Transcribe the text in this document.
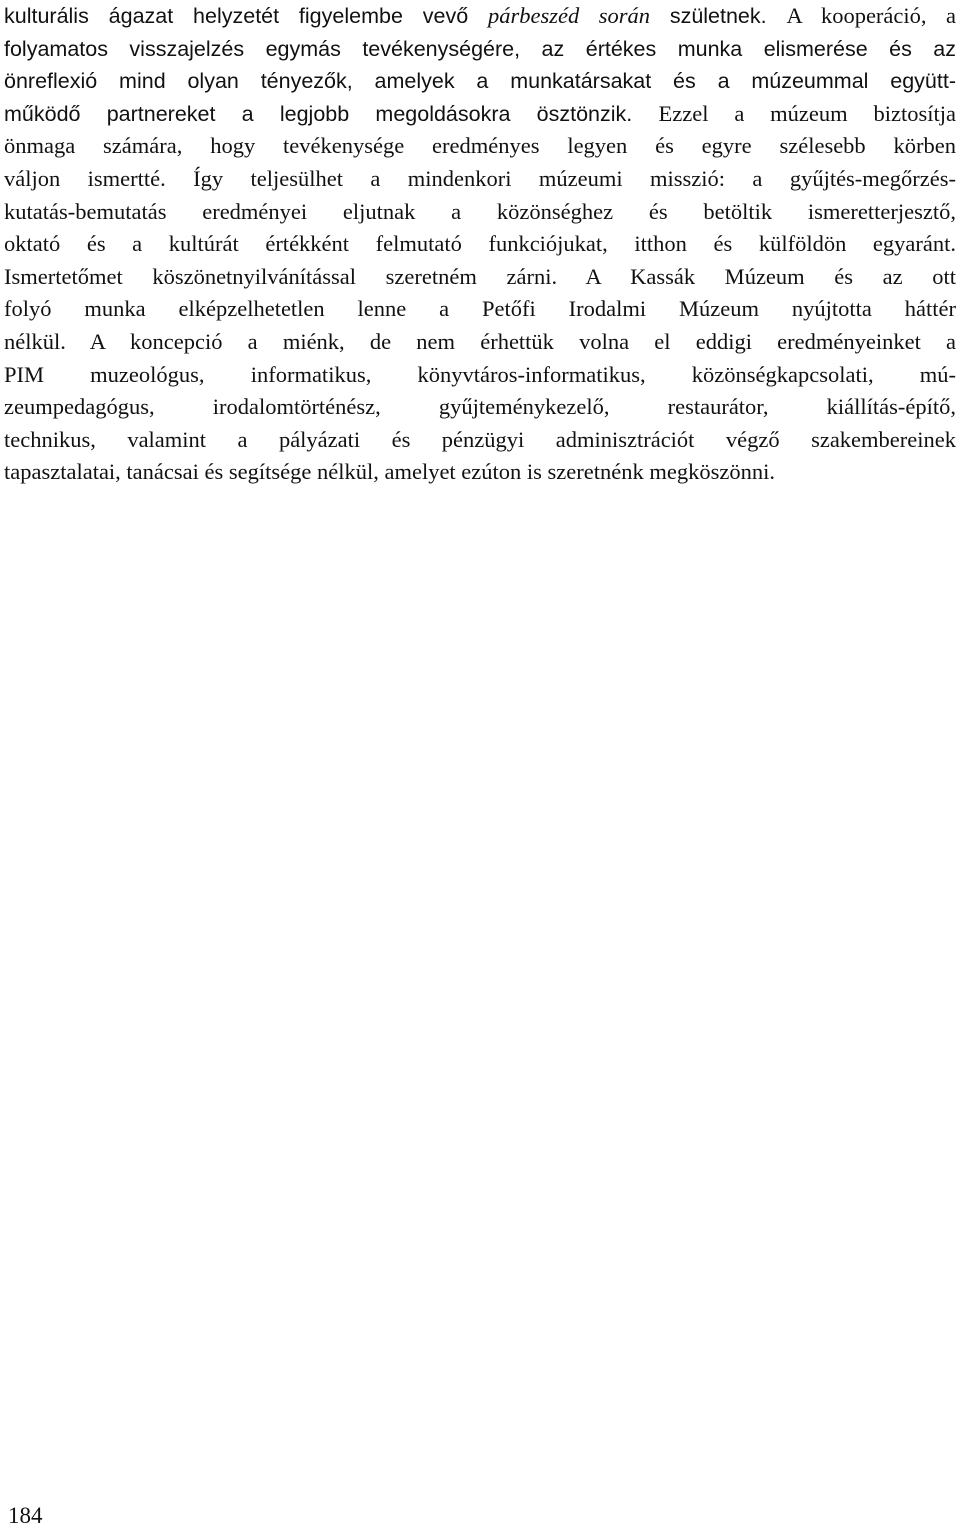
kulturális ágazat helyzetét figyelembe vevő párbeszéd során születnek. A kooperáció, a
folyamatos visszajelzés egymás tevékenységére, az értékes munka elismerése és az
önreflexió mind olyan tényezők, amelyek a munkatársakat és a múzeummal együtt-
működő partnereket a legjobb megoldásokra ösztönzik. Ezzel a múzeum biztosítja
önmaga számára, hogy tevékenysége eredményes legyen és egyre szélesebb körben
váljon ismertté. Így teljesülhet a mindenkori múzeumi misszió: a gyűjtés-megőrzés-
kutatás-bemutatás eredményei eljutnak a közönséghez és betöltik ismeretterjesztő,
oktató és a kultúrát értékként felmutató funkciójukat, itthon és külföldön egyaránt.
Ismertetőmet köszönetnyilvánítással szeretném zárni. A Kassák Múzeum és az ott
folyó munka elképzelhetetlen lenne a Petőfi Irodalmi Múzeum nyújtotta háttér
nélkül. A koncepció a miénk, de nem érhettük volna el eddigi eredményeinket a
PIM muzeológus, informatikus, könyvtáros-informatikus, közönségkapcsolati, mú-
zeumpedagógus, irodalomtörténész, gyűjteménykezelő, restaurátor, kiállítás-építő,
technikus, valamint a pályázati és pénzügyi adminisztrációt végző szakembereinek
tapasztalatai, tanácsai és segítsége nélkül, amelyet ezúton is szeretnénk megköszönni.
184
